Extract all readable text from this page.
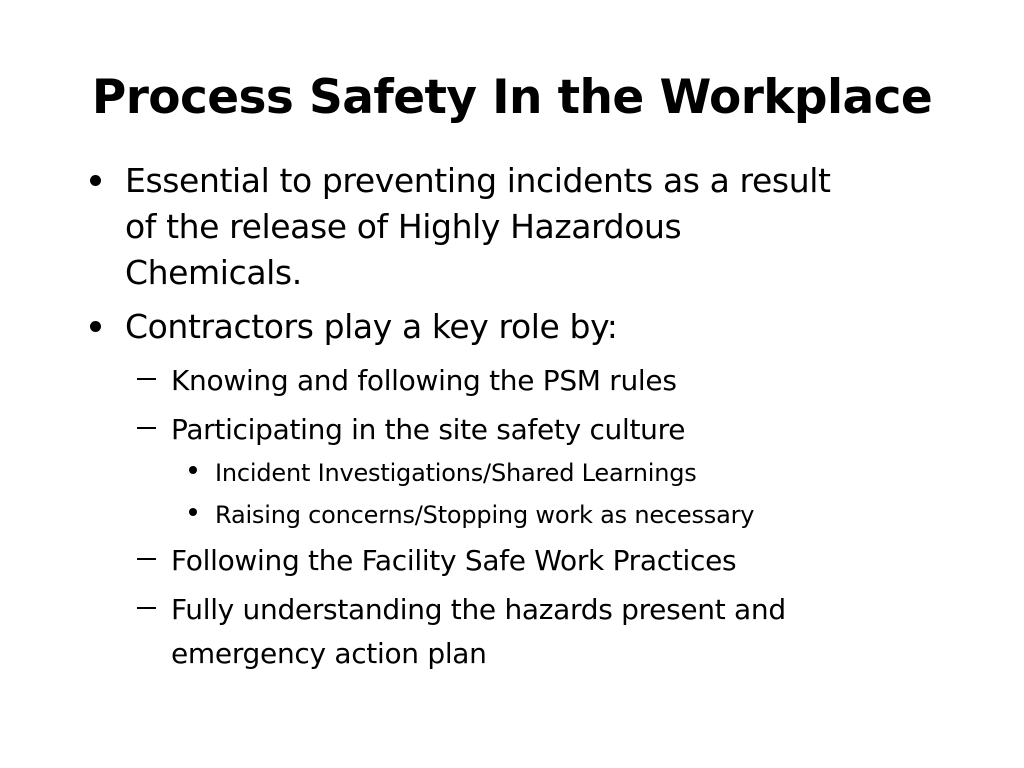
Process Safety In the Workplace
Essential to preventing incidents as a result
of the release of Highly Hazardous
Chemicals.
Contractors play a key role by:
Knowing and following the PSM rules
Participating in the site safety culture
Incident Investigations/Shared Learnings
Raising concerns/Stopping work as necessary
Following the Facility Safe Work Practices
Fully understanding the hazards present and
emergency action plan
